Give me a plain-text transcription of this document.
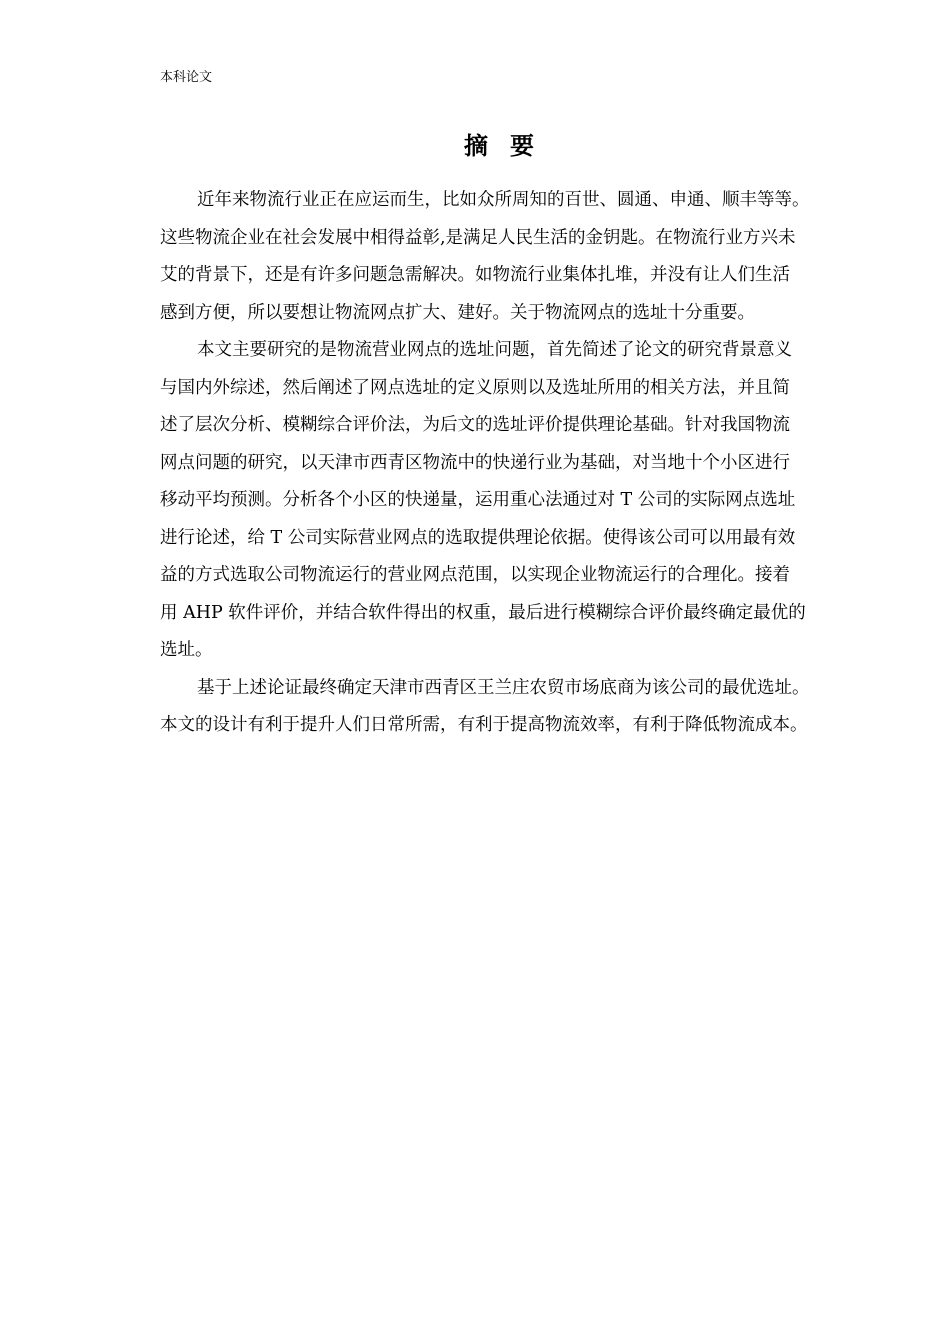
本科论文
摘要

近年来物流行业正在应运而生，比如众所周知的百世、圆通、申通、顺丰等等。
这些物流企业在社会发展中相得益彰,是满足人民生活的金钥匙。在物流行业方兴未
艾的背景下，还是有许多问题急需解决。如物流行业集体扎堆，并没有让人们生活
感到方便，所以要想让物流网点扩大、建好。关于物流网点的选址十分重要。

本文主要研究的是物流营业网点的选址问题，首先简述了论文的研究背景意义
与国内外综述，然后阐述了网点选址的定义原则以及选址所用的相关方法，并且简
述了层次分析、模糊综合评价法，为后文的选址评价提供理论基础。针对我国物流
网点问题的研究，以天津市西青区物流中的快递行业为基础，对当地十个小区进行
移动平均预测。分析各个小区的快递量，运用重心法通过对 T 公司的实际网点选址
进行论述，给 T 公司实际营业网点的选取提供理论依据。使得该公司可以用最有效
益的方式选取公司物流运行的营业网点范围，以实现企业物流运行的合理化。接着
用 AHP 软件评价，并结合软件得出的权重，最后进行模糊综合评价最终确定最优的
选址。

基于上述论证最终确定天津市西青区王兰庄农贸市场底商为该公司的最优选址。
本文的设计有利于提升人们日常所需，有利于提高物流效率，有利于降低物流成本。
